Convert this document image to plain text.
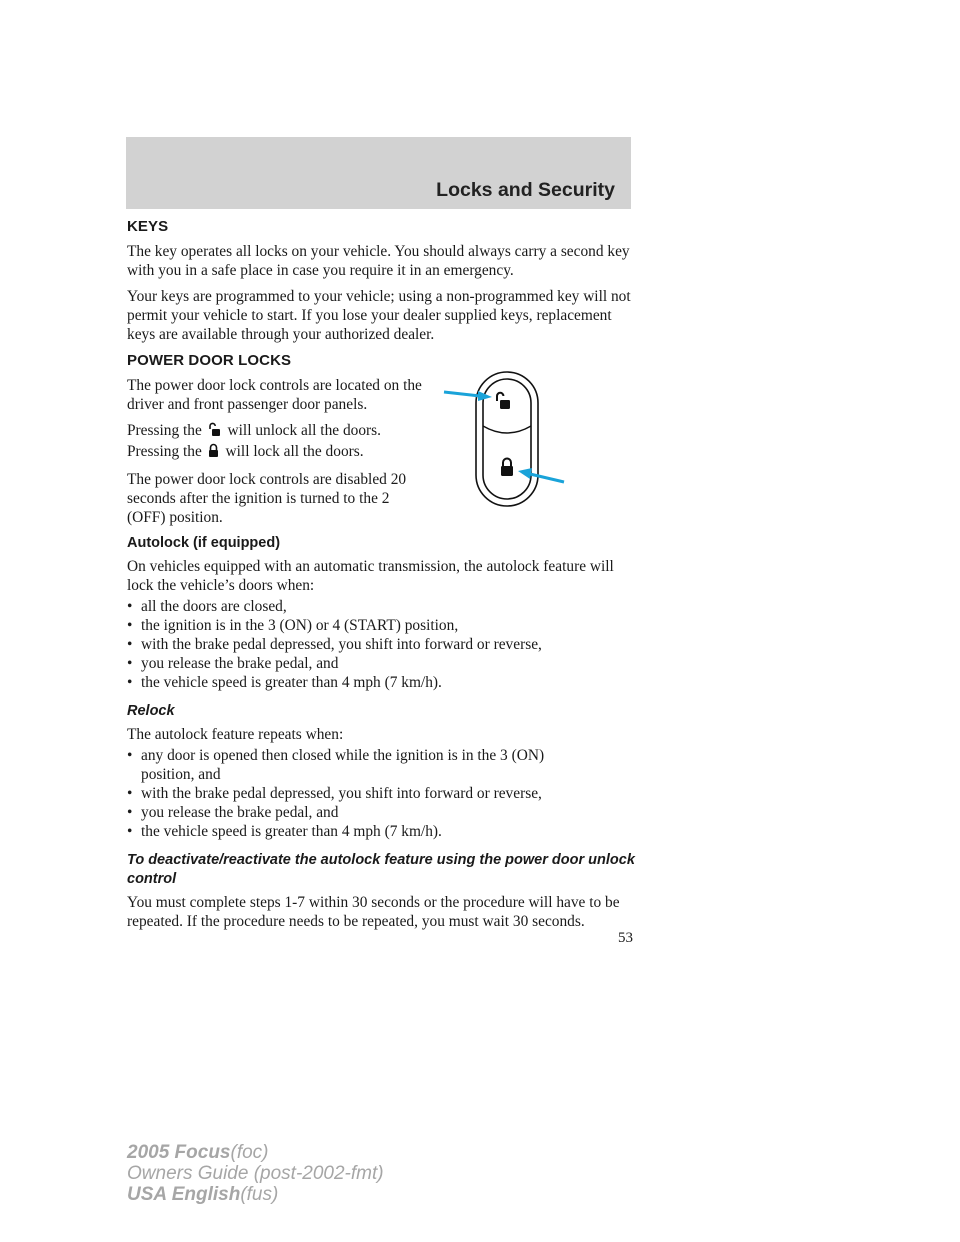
Locks and Security
KEYS

The key operates all locks on your vehicle. You should always carry a second key with you in a safe place in case you require it in an emergency.

Your keys are programmed to your vehicle; using a non-programmed key will not permit your vehicle to start. If you lose your dealer supplied keys, replacement keys are available through your authorized dealer.

POWER DOOR LOCKS

The power door lock controls are located on the driver and front passenger door panels.

Pressing the will unlock all the doors. Pressing the will lock all the doors.

The power door lock controls are disabled 20 seconds after the ignition is turned to the 2 (OFF) position.

Autolock (if equipped)

On vehicles equipped with an automatic transmission, the autolock feature will lock the vehicle’s doors when:

• all the doors are closed,
• the ignition is in the 3 (ON) or 4 (START) position,
• with the brake pedal depressed, you shift into forward or reverse,
• you release the brake pedal, and
• the vehicle speed is greater than 4 mph (7 km/h).
Relock

The autolock feature repeats when:

• any door is opened then closed while the ignition is in the 3 (ON) position, and
• with the brake pedal depressed, you shift into forward or reverse,
• you release the brake pedal, and
• the vehicle speed is greater than 4 mph (7 km/h).
To deactivate/reactivate the autolock feature using the power door unlock control

You must complete steps 1-7 within 30 seconds or the procedure will have to be repeated. If the procedure needs to be repeated, you must wait 30 seconds.

53
2005 Focus(foc)
Owners Guide (post-2002-fmt)
USA English(fus)
